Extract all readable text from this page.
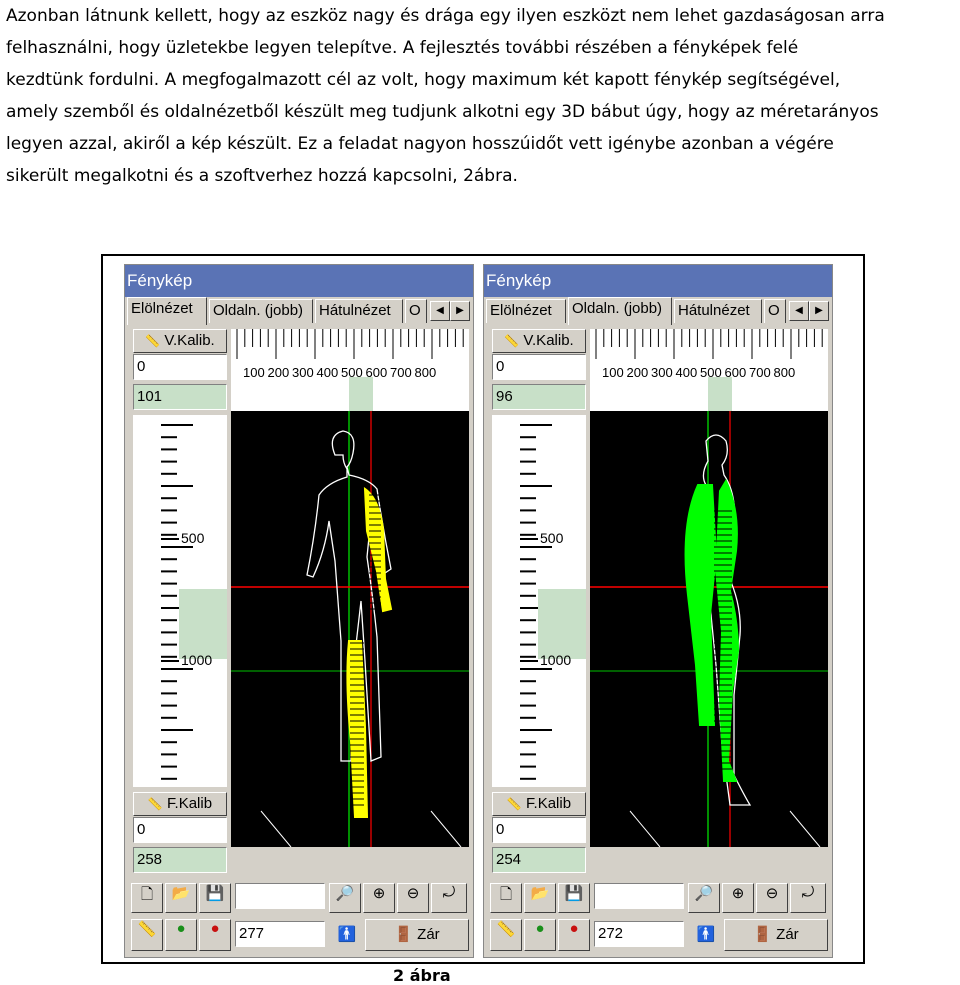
Azonban látnunk kellett, hogy az eszköz nagy és drága egy ilyen eszközt nem lehet gazdaságosan arra
felhasználni, hogy üzletekbe legyen telepítve. A fejlesztés további részében a fényképek felé
kezdtünk fordulni. A megfogalmazott cél az volt, hogy maximum két kapott fénykép segítségével,
amely szemből és oldalnézetből készült meg tudjunk alkotni egy 3D bábut úgy, hogy az méretarányos
legyen azzal, akiről a kép készült. Ez a feladat nagyon hosszúidőt vett igénybe azonban a végére
sikerült megalkotni és a szoftverhez hozzá kapcsolni, 2ábra.
Fénykép
Elölnézet	Oldaln. (jobb)	Hátulnézet	O	◀	▶
📏 V.Kalib.
0
101
100 200 300 400 500 600 700 800
500
1000
📏 F.Kalib
0
258
🗋	📂	💾	🔎	⊕	⊖	⤾
📏	●	●	277	🚹	🚪 Zár
Fénykép
Elölnézet	Oldaln. (jobb)	Hátulnézet	O	◀	▶
📏 V.Kalib.
0
96
100 200 300 400 500 600 700 800
500
1000
📏 F.Kalib
0
254
🗋	📂	💾	🔎	⊕	⊖	⤾
📏	●	●	272	🚹	🚪 Zár
2 ábra
